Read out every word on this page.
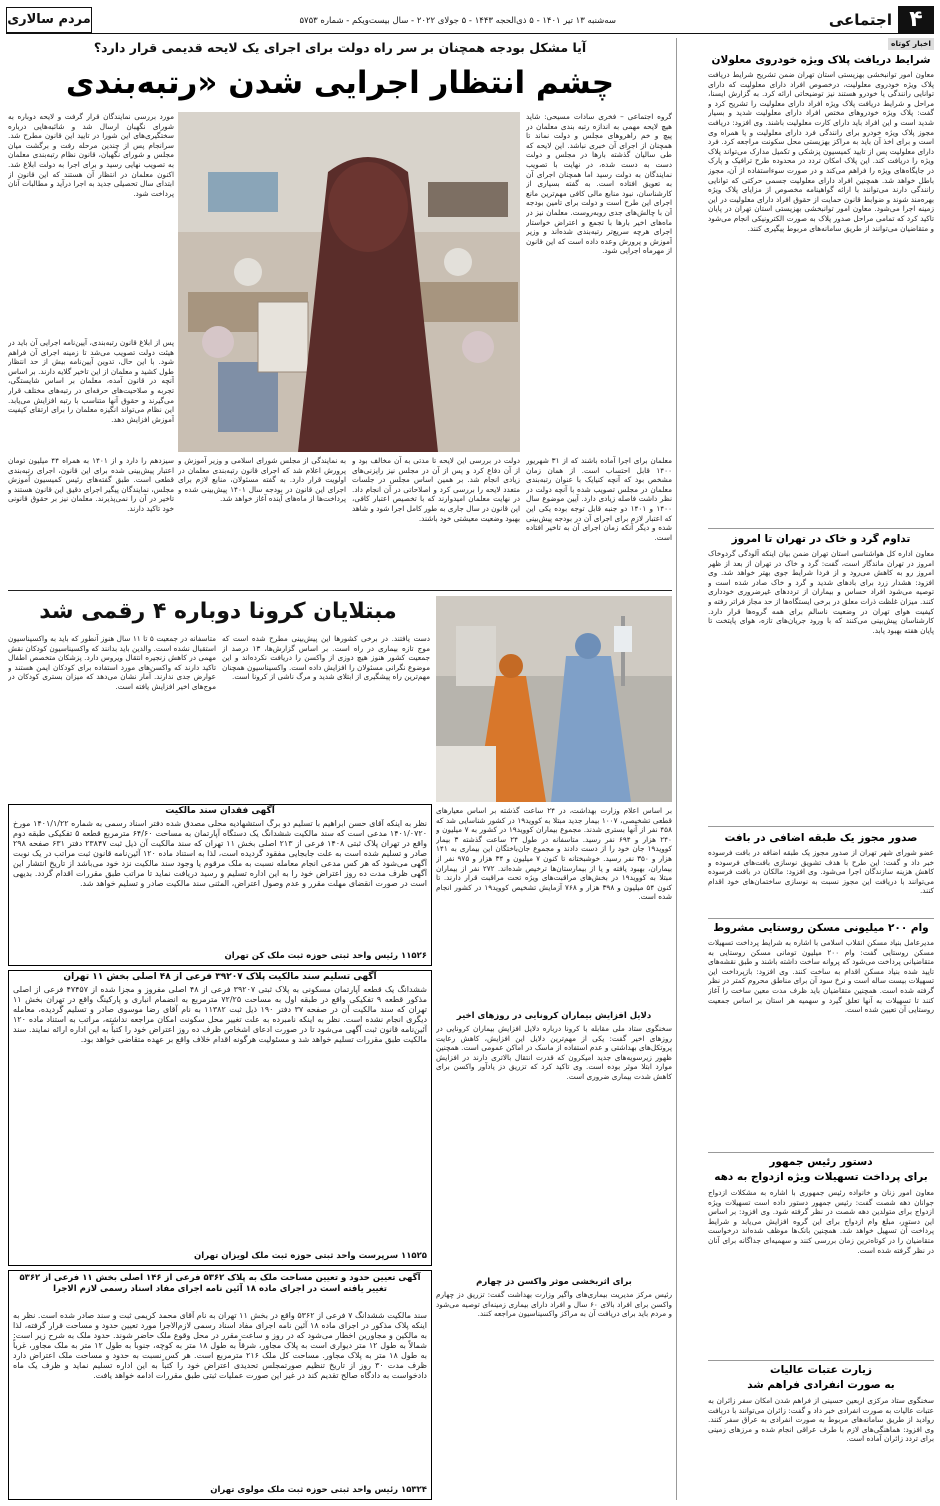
۴
اجتماعی
سه‌شنبه ۱۳ تیر ۱۴۰۱ - ۵ ذی‌الحجه ۱۴۴۳ - ۵ جولای ۲۰۲۲ - سال بیست‌ویکم - شماره ۵۷۵۳
مردم سالاری
اخبار کوتاه
شرایط دریافت پلاک ویژه خودروی معلولان
معاون امور توانبخشی بهزیستی استان تهران ضمن تشریح شرایط دریافت پلاک ویژه خودروی معلولیت، درخصوص افراد دارای معلولیت که دارای توانایی رانندگی یا خودرو هستند نیز توضیحاتی ارائه کرد. به گزارش ایسنا، مراحل و شرایط دریافت پلاک ویژه افراد دارای معلولیت را تشریح کرد و گفت: پلاک ویژه خودروهای مختص افراد دارای معلولیت شدید و بسیار شدید است و این افراد باید دارای کارت معلولیت باشند. وی افزود: دریافت مجوز پلاک ویژه خودرو برای رانندگی فرد دارای معلولیت و یا همراه وی است و برای اخذ آن باید به مراکز بهزیستی محل سکونت مراجعه کرد. فرد دارای معلولیت پس از تایید کمیسیون پزشکی و تکمیل مدارک می‌تواند پلاک ویژه را دریافت کند. این پلاک امکان تردد در محدوده طرح ترافیک و پارک در جایگاه‌های ویژه را فراهم می‌کند و در صورت سوءاستفاده از آن، مجوز باطل خواهد شد. همچنین افراد دارای معلولیت جسمی حرکتی که توانایی رانندگی دارند می‌توانند با ارائه گواهینامه مخصوص از مزایای پلاک ویژه بهره‌مند شوند و ضوابط قانون حمایت از حقوق افراد دارای معلولیت در این زمینه اجرا می‌شود. معاون امور توانبخشی بهزیستی استان تهران در پایان تاکید کرد که تمامی مراحل صدور پلاک به صورت الکترونیکی انجام می‌شود و متقاضیان می‌توانند از طریق سامانه‌های مربوط پیگیری کنند.
تداوم گرد و خاک در تهران تا امروز
معاون اداره کل هواشناسی استان تهران ضمن بیان اینکه آلودگی گردوخاک امروز در تهران ماندگار است، گفت: گرد و خاک در تهران از بعد از ظهر امروز رو به کاهش می‌رود و از فردا شرایط جوی بهتر خواهد شد. وی افزود: هشدار زرد برای بادهای شدید و گرد و خاک صادر شده است و توصیه می‌شود افراد حساس و بیماران از ترددهای غیرضروری خودداری کنند. میزان غلظت ذرات معلق در برخی ایستگاه‌ها از حد مجاز فراتر رفته و کیفیت هوای تهران در وضعیت ناسالم برای همه گروه‌ها قرار دارد. کارشناسان پیش‌بینی می‌کنند که با ورود جریان‌های تازه، هوای پایتخت تا پایان هفته بهبود یابد.
صدور مجوز یک طبقه اضافی در بافت
عضو شورای شهر تهران از صدور مجوز یک طبقه اضافه در بافت فرسوده خبر داد و گفت: این طرح با هدف تشویق نوسازی بافت‌های فرسوده و کاهش هزینه سازندگان اجرا می‌شود. وی افزود: مالکان در بافت فرسوده می‌توانند با دریافت این مجوز نسبت به نوسازی ساختمان‌های خود اقدام کنند.
وام ۲۰۰ میلیونی مسکن روستایی مشروط
مدیرعامل بنیاد مسکن انقلاب اسلامی با اشاره به شرایط پرداخت تسهیلات مسکن روستایی گفت: وام ۲۰۰ میلیون تومانی مسکن روستایی به متقاضیانی پرداخت می‌شود که پروانه ساخت داشته باشند و طبق نقشه‌های تایید شده بنیاد مسکن اقدام به ساخت کنند. وی افزود: بازپرداخت این تسهیلات بیست ساله است و نرخ سود آن برای مناطق محروم کمتر در نظر گرفته شده است. همچنین متقاضیان باید ظرف مدت معین ساخت را آغاز کنند تا تسهیلات به آنها تعلق گیرد و سهمیه هر استان بر اساس جمعیت روستایی آن تعیین شده است.
دستور رئیس جمهور
برای پرداخت تسهیلات ویژه ازدواج به دهه
معاون امور زنان و خانواده رئیس جمهوری با اشاره به مشکلات ازدواج جوانان دهه شصت گفت: رئیس جمهور دستور داده است تسهیلات ویژه ازدواج برای متولدین دهه شصت در نظر گرفته شود. وی افزود: بر اساس این دستور، مبلغ وام ازدواج برای این گروه افزایش می‌یابد و شرایط پرداخت آن تسهیل خواهد شد. همچنین بانک‌ها موظف شده‌اند درخواست متقاضیان را در کوتاه‌ترین زمان بررسی کنند و سهمیه‌ای جداگانه برای آنان در نظر گرفته شده است.
زیارت عتبات عالیات
به صورت انفرادی فراهم شد
سخنگوی ستاد مرکزی اربعین حسینی از فراهم شدن امکان سفر زائران به عتبات عالیات به صورت انفرادی خبر داد و گفت: زائران می‌توانند با دریافت روادید از طریق سامانه‌های مربوط به صورت انفرادی به عراق سفر کنند. وی افزود: هماهنگی‌های لازم با طرف عراقی انجام شده و مرزهای زمینی برای تردد زائران آماده است.
آیا مشکل بودجه همچنان بر سر راه دولت برای اجرای یک لایحه قدیمی قرار دارد؟
چشم انتظار اجرایی شدن «رتبه‌بندی
گروه اجتماعی – فخری سادات مسیحی: شاید هیچ لایحه مهمی به اندازه رتبه بندی معلمان در پیچ و خم راهروهای مجلس و دولت نماند تا همچنان از اجرای آن خبری نباشد. این لایحه که طی سالیان گذشته بارها در مجلس و دولت دست به دست شده، در نهایت با تصویب نمایندگان به دولت رسید اما همچنان اجرای آن به تعویق افتاده است. به گفته بسیاری از کارشناسان، نبود منابع مالی کافی مهم‌ترین مانع اجرای این طرح است و دولت برای تامین بودجه آن با چالش‌های جدی روبه‌روست. معلمان نیز در ماه‌های اخیر بارها با تجمع و اعتراض خواستار اجرای هرچه سریع‌تر رتبه‌بندی شده‌اند و وزیر آموزش و پرورش وعده داده است که این قانون از مهرماه اجرایی شود.
مورد بررسی نمایندگان قرار گرفت و لایحه دوباره به شورای نگهبان ارسال شد و شائبه‌هایی درباره سختگیری‌های این شورا در تایید این قانون مطرح شد. سرانجام پس از چندین مرحله رفت و برگشت میان مجلس و شورای نگهبان، قانون نظام رتبه‌بندی معلمان به تصویب نهایی رسید و برای اجرا به دولت ابلاغ شد. اکنون معلمان در انتظار آن هستند که این قانون از ابتدای سال تحصیلی جدید به اجرا درآید و مطالبات آنان پرداخت شود.
پس از ابلاغ قانون رتبه‌بندی، آیین‌نامه اجرایی آن باید در هیئت دولت تصویب می‌شد تا زمینه اجرای آن فراهم شود. با این حال، تدوین آیین‌نامه بیش از حد انتظار طول کشید و معلمان از این تاخیر گلایه دارند. بر اساس آنچه در قانون آمده، معلمان بر اساس شایستگی، تجربه و صلاحیت‌های حرفه‌ای در رتبه‌های مختلف قرار می‌گیرند و حقوق آنها متناسب با رتبه افزایش می‌یابد. این نظام می‌تواند انگیزه معلمان را برای ارتقای کیفیت آموزش افزایش دهد.
معلمان برای اجرا آماده باشند که از ۳۱ شهریور ۱۴۰۰ قابل احتساب است. از همان زمان مشخص بود که آنچه کنیا‌یک با عنوان رتبه‌بندی معلمان در مجلس تصویب شده با آنچه دولت در نظر داشت فاصله زیادی دارد. آیین موضوع سال ۱۴۰۰ و ۱۴۰۱ دو جنبه قابل توجه بوده یکی این که اعتبار لازم برای اجرای آن در بودجه پیش‌بینی شده و دیگر آنکه زمان اجرای آن به تاخیر افتاده است.
دولت در بررسی این لایحه تا مدتی به آن مخالف بود و از آن دفاع کرد و پس از آن در مجلس نیز رایزنی‌های زیادی انجام شد. بر همین اساس مجلس در جلسات متعدد لایحه را بررسی کرد و اصلاحاتی در آن انجام داد. در نهایت معلمان امیدوارند که با تخصیص اعتبار کافی، این قانون در سال جاری به طور کامل اجرا شود و شاهد بهبود وضعیت معیشتی خود باشند.
به نمایندگی از مجلس شورای اسلامی و وزیر آموزش و پرورش اعلام شد که اجرای قانون رتبه‌بندی معلمان در اولویت قرار دارد. به گفته مسئولان، منابع لازم برای اجرای این قانون در بودجه سال ۱۴۰۱ پیش‌بینی شده و پرداخت‌ها از ماه‌های آینده آغاز خواهد شد.
سیزدهم را دارد و از ۱۴۰۱ به همراه ۴۴ میلیون تومان اعتبار پیش‌بینی شده برای این قانون، اجرای رتبه‌بندی قطعی است. طبق گفته‌های رئیس کمیسیون آموزش مجلس، نمایندگان پیگیر اجرای دقیق این قانون هستند و تاخیر در آن را نمی‌پذیرند. معلمان نیز بر حقوق قانونی خود تاکید دارند.
مبتلایان کرونا دوباره ۴ رقمی شد
بر اساس اعلام وزارت بهداشت، در ۲۴ ساعت گذشته بر اساس معیارهای قطعی تشخیصی، ۱۰۰۷ بیمار جدید مبتلا به کووید۱۹ در کشور شناسایی شد که ۴۵۸ نفر از آنها بستری شدند. مجموع بیماران کووید۱۹ در کشور به ۷ میلیون و ۲۴۰ هزار و ۶۹۴ نفر رسید. متاسفانه در طول ۲۴ ساعت گذشته ۳ بیمار کووید۱۹ جان خود را از دست دادند و مجموع جان‌باختگان این بیماری به ۱۴۱ هزار و ۳۵۰ نفر رسید. خوشبختانه تا کنون ۷ میلیون و ۳۴ هزار و ۹۷۵ نفر از بیماران، بهبود یافته و یا از بیمارستان‌ها ترخیص شده‌اند. ۲۷۲ نفر از بیماران مبتلا به کووید۱۹ در بخش‌های مراقبت‌های ویژه تحت مراقبت قرار دارند. تا کنون ۵۴ میلیون و ۳۹۸ هزار و ۷۶۸ آزمایش تشخیص کووید۱۹ در کشور انجام شده است.
دلایل افزایش بیماران کرونایی در روزهای اخیر
سخنگوی ستاد ملی مقابله با کرونا درباره دلایل افزایش بیماران کرونایی در روزهای اخیر گفت: یکی از مهم‌ترین دلایل این افزایش، کاهش رعایت پروتکل‌های بهداشتی و عدم استفاده از ماسک در اماکن عمومی است. همچنین ظهور زیرسویه‌های جدید امیکرون که قدرت انتقال بالاتری دارند در افزایش موارد ابتلا موثر بوده است. وی تاکید کرد که تزریق دز یادآور واکسن برای کاهش شدت بیماری ضروری است.
برای اثربخشی موثر واکسن دز چهارم
رئیس مرکز مدیریت بیماری‌های واگیر وزارت بهداشت گفت: تزریق دز چهارم واکسن برای افراد بالای ۶۰ سال و افراد دارای بیماری زمینه‌ای توصیه می‌شود و مردم باید برای دریافت آن به مراکز واکسیناسیون مراجعه کنند.
دست یافتند. در برخی کشورها این پیش‌بینی مطرح شده است که موج تازه بیماری در راه است. بر اساس گزارش‌ها، ۱۳ درصد از جمعیت کشور هنوز هیچ دوزی از واکسن را دریافت نکرده‌اند و این موضوع نگرانی مسئولان را افزایش داده است. واکسیناسیون همچنان مهم‌ترین راه پیشگیری از ابتلای شدید و مرگ ناشی از کرونا است.
متاسفانه در جمعیت ۵ تا ۱۱ سال هنوز آنطور که باید به واکسیناسیون استقبال نشده است. والدین باید بدانند که واکسیناسیون کودکان نقش مهمی در کاهش زنجیره انتقال ویروس دارد. پزشکان متخصص اطفال تاکید دارند که واکسن‌های مورد استفاده برای کودکان ایمن هستند و عوارض جدی ندارند. آمار نشان می‌دهد که میزان بستری کودکان در موج‌های اخیر افزایش یافته است.
آگهی فقدان سند مالکیت
نظر به اینکه آقای حسن ابراهیم با تسلیم دو برگ استشهادیه محلی مصدق شده دفتر اسناد رسمی به شماره ۱۴۰۱/۱/۲۲ مورخ ۱۴۰۱/۰۷۲۰ مدعی است که سند مالکیت ششدانگ یک دستگاه آپارتمان به مساحت ۶۴/۶۰ مترمربع قطعه ۵ تفکیکی طبقه دوم واقع در تهران پلاک ثبتی ۱۴۰۸ فرعی از ۲۱۳ اصلی بخش ۱۱ تهران که سند مالکیت آن ذیل ثبت ۲۳۸۴۷ دفتر ۶۳۱ صفحه ۲۹۸ صادر و تسلیم شده است به علت جابجایی مفقود گردیده است، لذا به استناد ماده ۱۲۰ آئین‌نامه قانون ثبت مراتب در یک نوبت آگهی می‌شود که هر کس مدعی انجام معامله نسبت به ملک مرقوم یا وجود سند مالکیت نزد خود می‌باشد از تاریخ انتشار این آگهی ظرف مدت ده روز اعتراض خود را به این اداره تسلیم و رسید دریافت نماید تا مراتب طبق مقررات اقدام گردد. بدیهی است در صورت انقضای مهلت مقرر و عدم وصول اعتراض، المثنی سند مالکیت صادر و تسلیم خواهد شد.
۱۱۵۲۶ رئیس واحد ثبتی حوزه ثبت ملک کن تهران
آگهی تسلیم سند مالکیت پلاک ۳۹۲۰۷ فرعی از ۴۸ اصلی بخش ۱۱ تهران
ششدانگ یک قطعه آپارتمان مسکونی به پلاک ثبتی ۳۹۲۰۷ فرعی از ۴۸ اصلی مفروز و مجزا شده از ۴۷۴۵۷ فرعی از اصلی مذکور قطعه ۹ تفکیکی واقع در طبقه اول به مساحت ۷۲/۲۵ مترمربع به انضمام انباری و پارکینگ واقع در تهران بخش ۱۱ تهران که سند مالکیت آن در صفحه ۳۷ دفتر ۱۹۰ ذیل ثبت ۱۱۳۸۲ به نام آقای رضا موسوی صادر و تسلیم گردیده، معامله دیگری انجام نشده است. نظر به اینکه نامبرده به علت تغییر محل سکونت امکان مراجعه نداشته، مراتب به استناد ماده ۱۲۰ آئین‌نامه قانون ثبت آگهی می‌شود تا در صورت ادعای اشخاص ظرف ده روز اعتراض خود را کتباً به این اداره ارائه نمایند. سند مالکیت طبق مقررات تسلیم خواهد شد و مسئولیت هرگونه اقدام خلاف واقع بر عهده متقاضی خواهد بود.
۱۱۵۲۵ سرپرست واحد ثبتی حوزه ثبت ملک لویزان تهران
آگهی تعیین حدود و تعیین مساحت ملک به پلاک ۵۳۶۲ فرعی از ۱۴۶ اصلی بخش ۱۱ فرعی از ۵۳۶۲ تغییر یافته است در اجرای ماده ۱۸ آئین نامه اجرای مفاد اسناد رسمی لازم الاجرا
سند مالکیت ششدانگ ۷ فرعی از ۵۳۶۲ واقع در بخش ۱۱ تهران به نام آقای محمد کریمی ثبت و سند صادر شده است. نظر به اینکه پلاک مذکور در اجرای ماده ۱۸ آئین نامه اجرای مفاد اسناد رسمی لازم‌الاجرا مورد تعیین حدود و مساحت قرار گرفته، لذا به مالکین و مجاورین اخطار می‌شود که در روز و ساعت مقرر در محل وقوع ملک حاضر شوند. حدود ملک به شرح زیر است: شمالاً به طول ۱۲ متر دیواری است به پلاک مجاور، شرقاً به طول ۱۸ متر به کوچه، جنوباً به طول ۱۲ متر به ملک مجاور، غرباً به طول ۱۸ متر به پلاک مجاور. مساحت کل ملک ۲۱۶ مترمربع است. هر کس نسبت به حدود و مساحت ملک اعتراض دارد ظرف مدت ۳۰ روز از تاریخ تنظیم صورتمجلس تحدیدی اعتراض خود را کتباً به این اداره تسلیم نماید و ظرف یک ماه دادخواست به دادگاه صالح تقدیم کند در غیر این صورت عملیات ثبتی طبق مقررات ادامه خواهد یافت.
۱۵۳۲۴ رئیس واحد ثبتی حوزه ثبت ملک مولوی تهران
